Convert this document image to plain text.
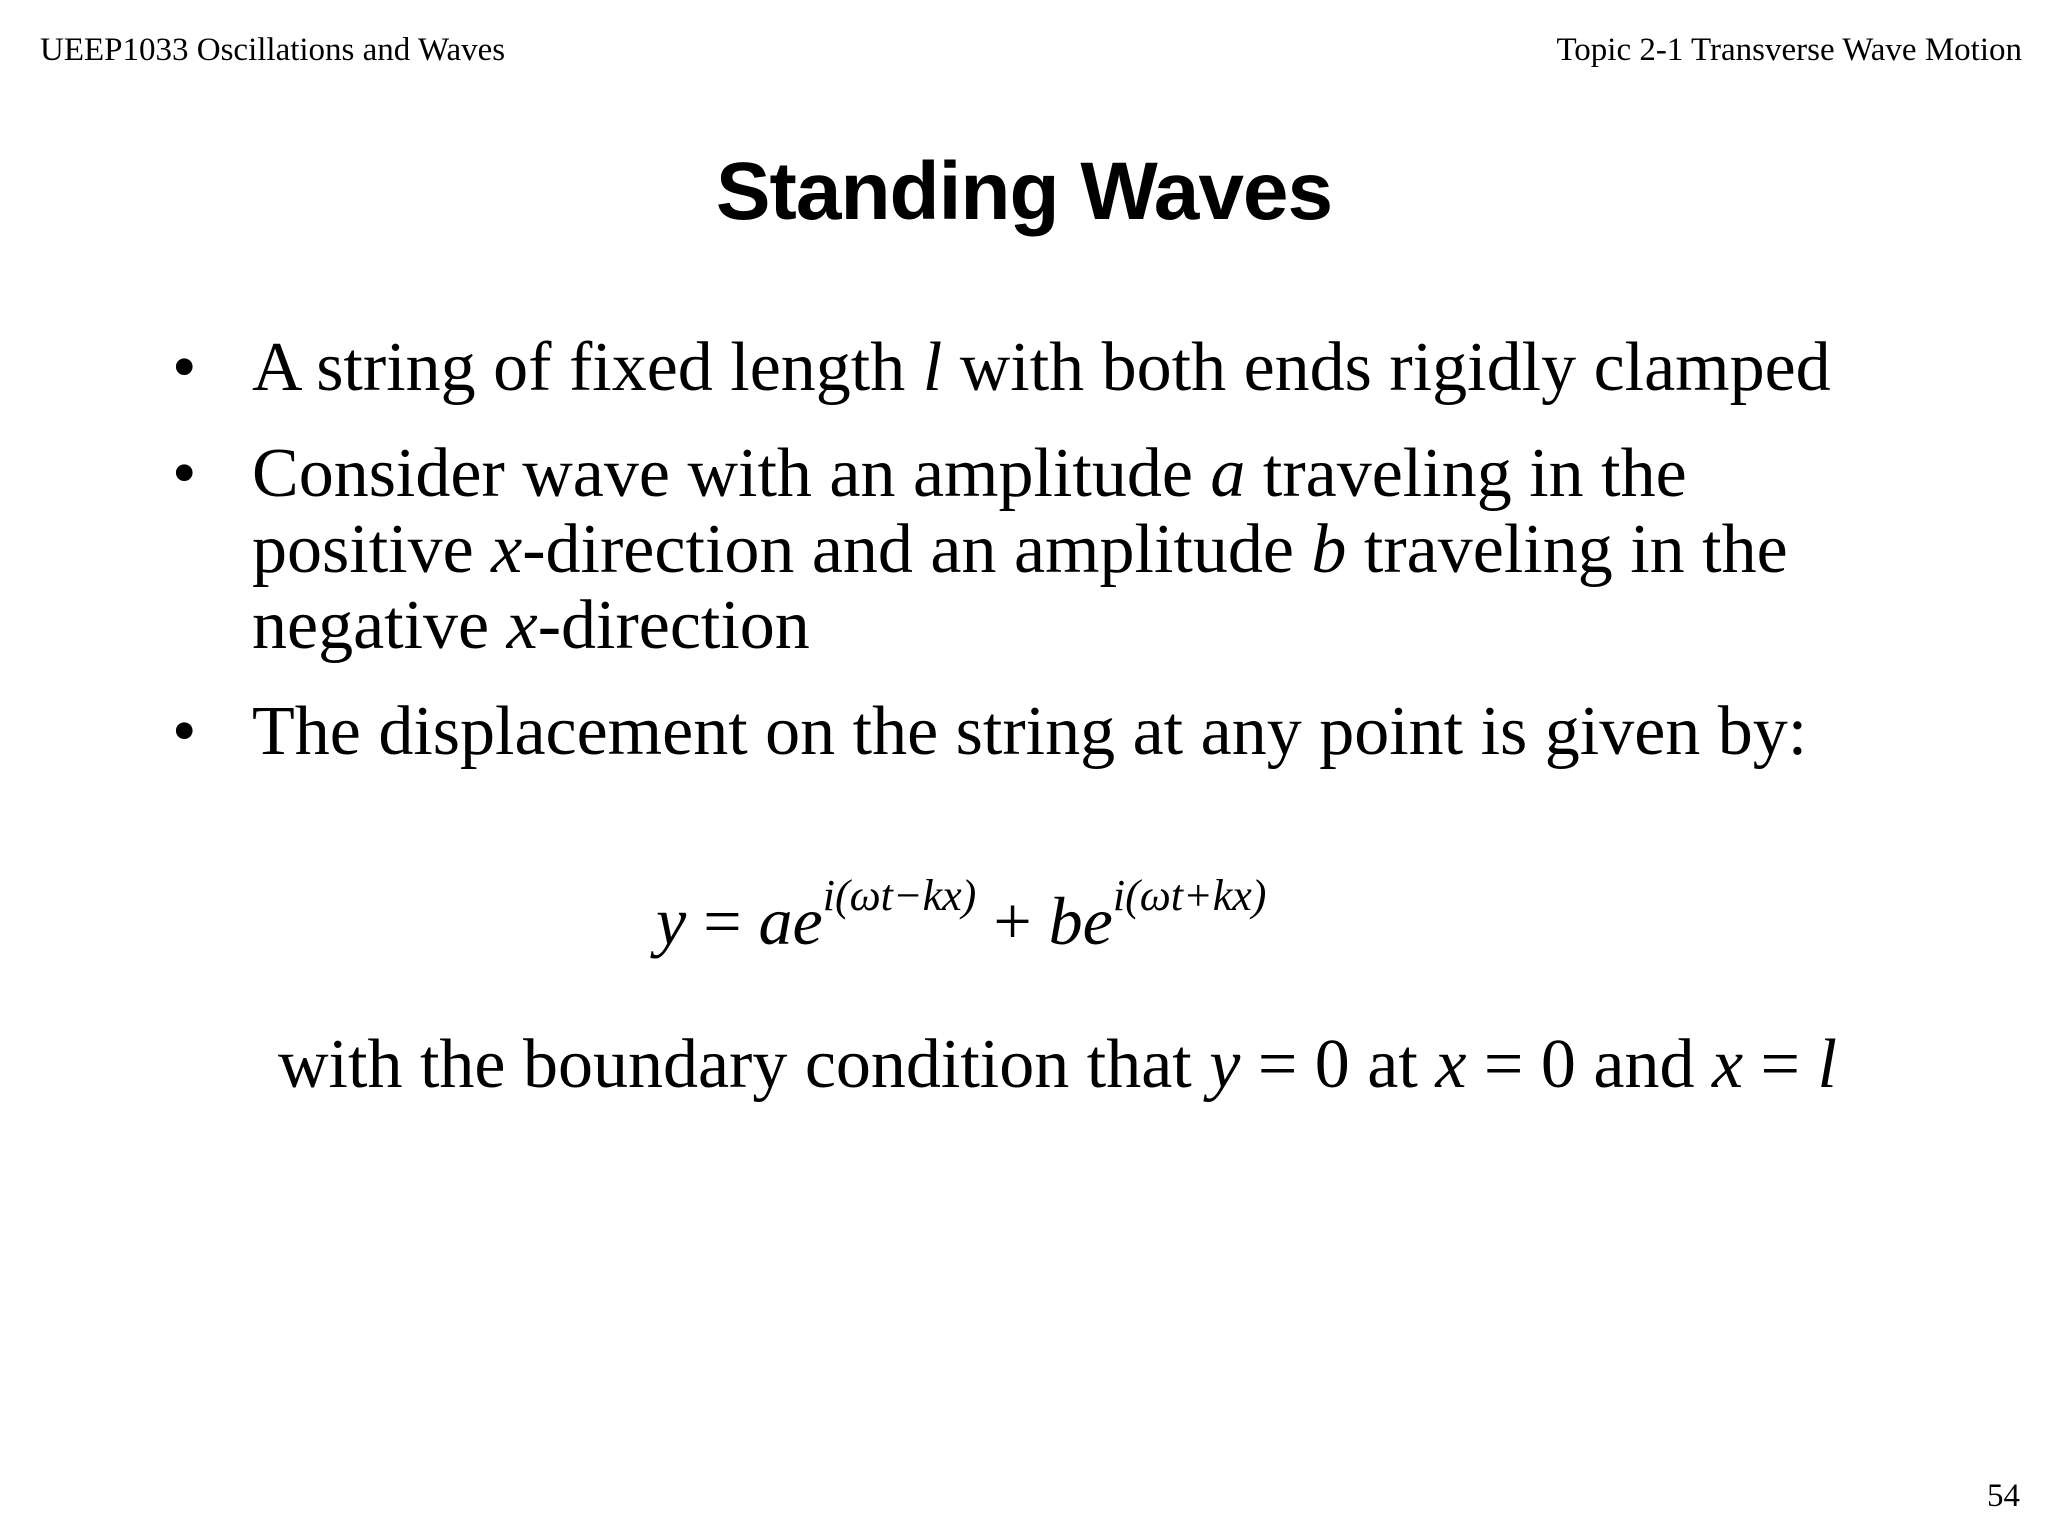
UEEP1033 Oscillations and Waves	Topic 2-1 Transverse Wave Motion
Standing Waves
• A string of fixed length l with both ends rigidly clamped
• Consider wave with an amplitude a traveling in the positive x-direction and an amplitude b traveling in the negative x-direction
• The displacement on the string at any point is given by:
$y = ae^{i(\omega t-kx)} + be^{i(\omega t+kx)}$
with the boundary condition that y = 0 at x = 0 and x = l
54
